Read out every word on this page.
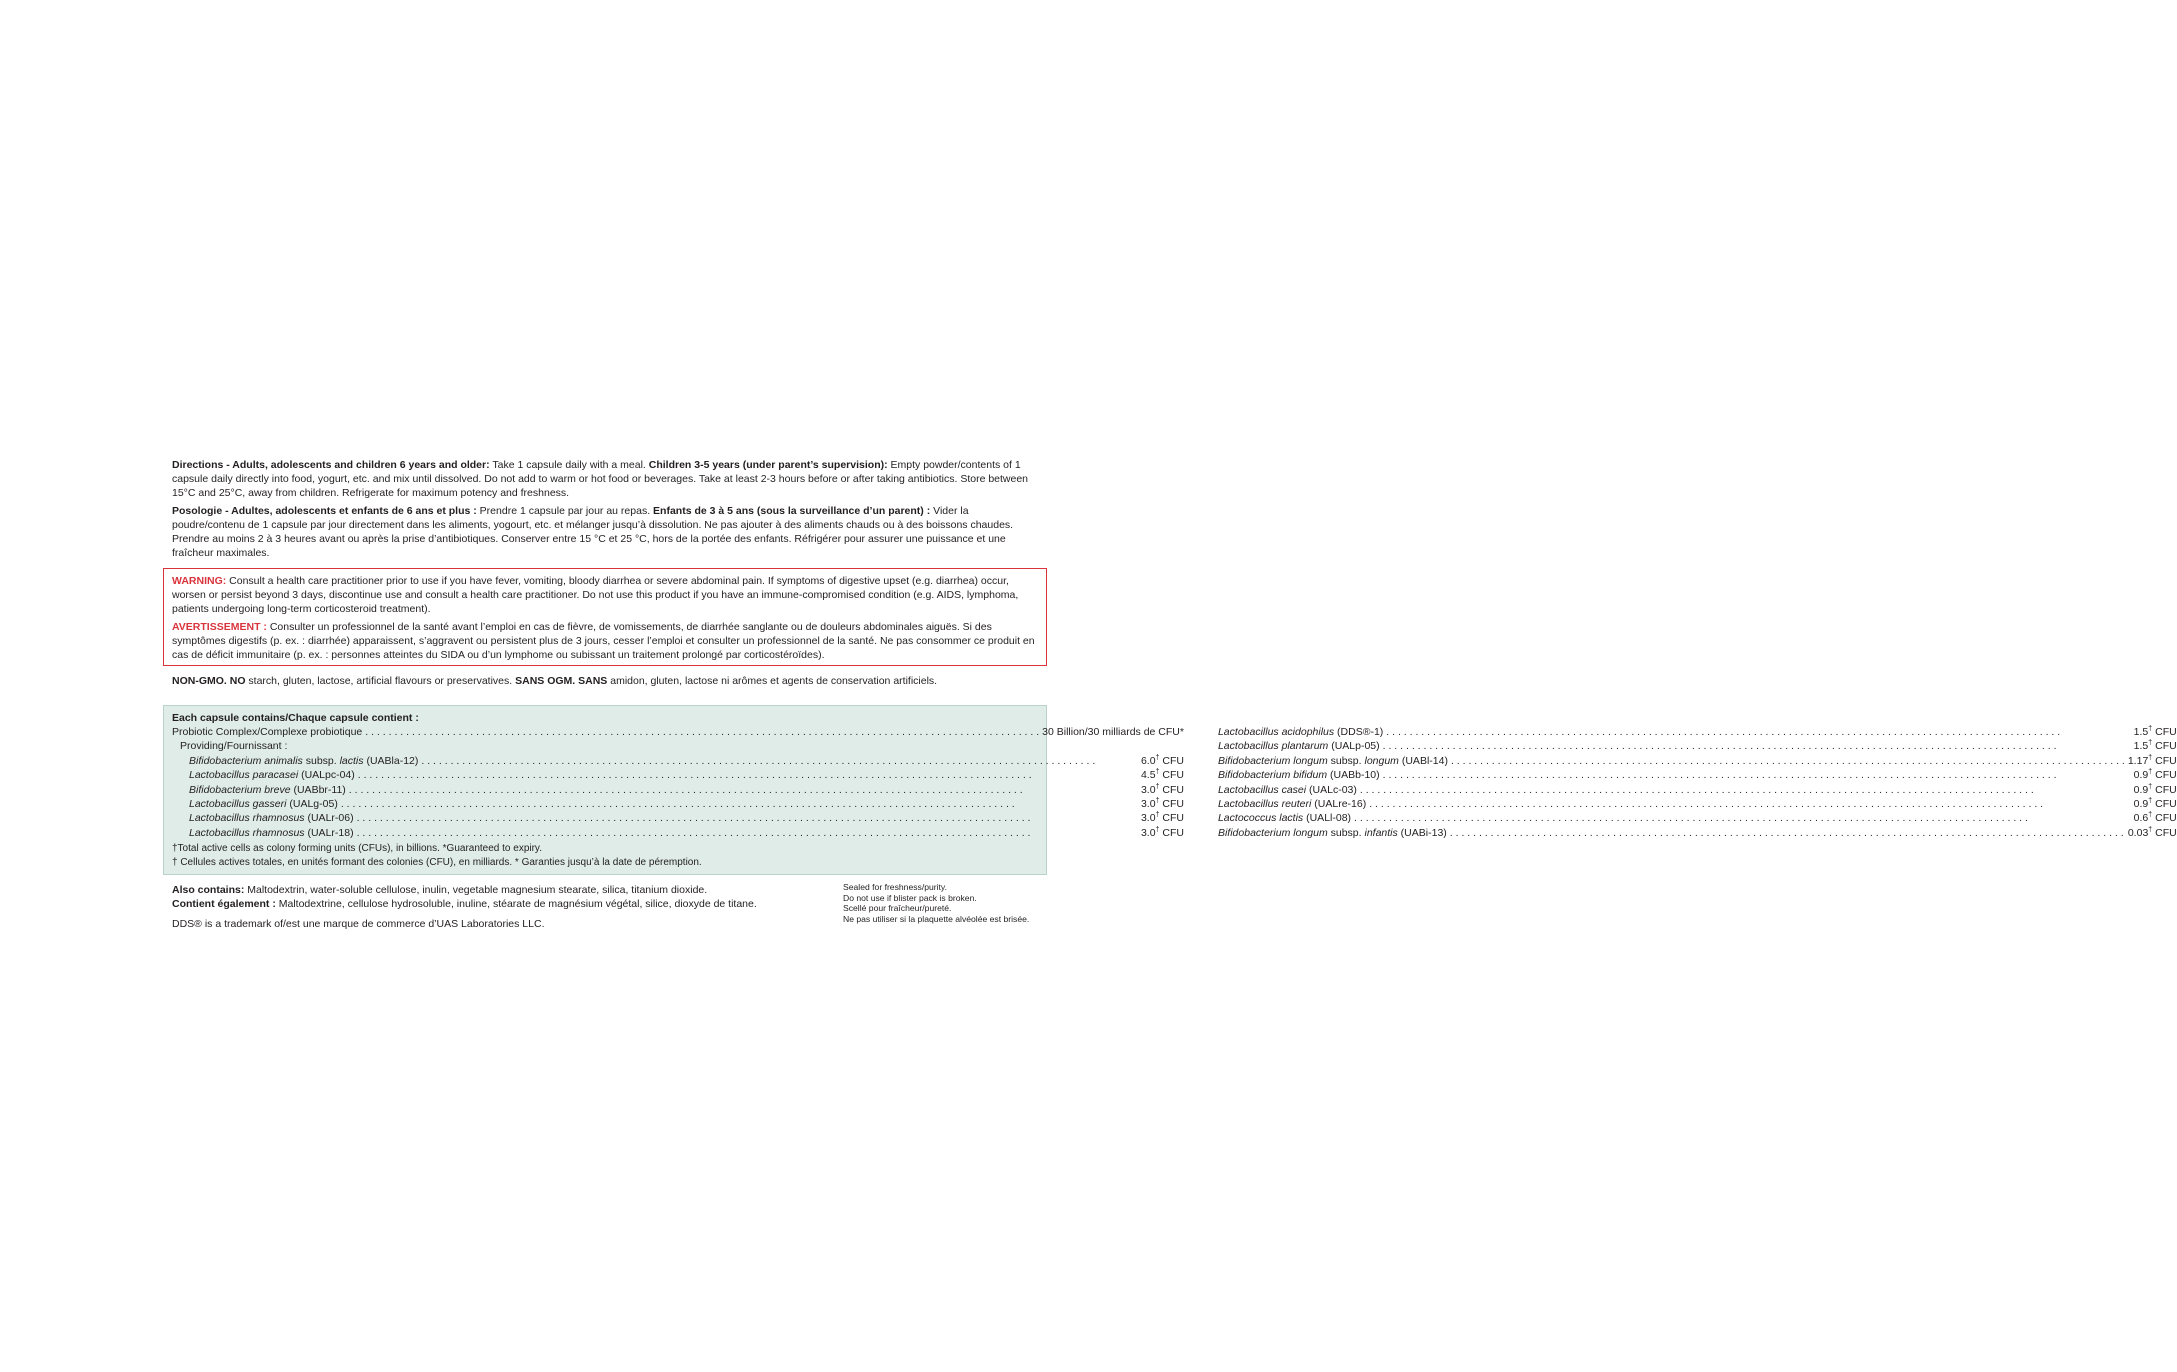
Directions - Adults, adolescents and children 6 years and older: Take 1 capsule daily with a meal. Children 3-5 years (under parent’s supervision): Empty powder/contents of 1 capsule daily directly into food, yogurt, etc. and mix until dissolved. Do not add to warm or hot food or beverages. Take at least 2-3 hours before or after taking antibiotics. Store between 15°C and 25°C, away from children. Refrigerate for maximum potency and freshness.

Posologie - Adultes, adolescents et enfants de 6 ans et plus : Prendre 1 capsule par jour au repas. Enfants de 3 à 5 ans (sous la surveillance d’un parent) : Vider la poudre/contenu de 1 capsule par jour directement dans les aliments, yogourt, etc. et mélanger jusqu’à dissolution. Ne pas ajouter à des aliments chauds ou à des boissons chaudes. Prendre au moins 2 à 3 heures avant ou après la prise d’antibiotiques. Conserver entre 15 °C et 25 °C, hors de la portée des enfants. Réfrigérer pour assurer une puissance et une fraîcheur maximales.

WARNING: Consult a health care practitioner prior to use if you have fever, vomiting, bloody diarrhea or severe abdominal pain. If symptoms of digestive upset (e.g. diarrhea) occur, worsen or persist beyond 3 days, discontinue use and consult a health care practitioner. Do not use this product if you have an immune-compromised condition (e.g. AIDS, lymphoma, patients undergoing long-term corticosteroid treatment).

AVERTISSEMENT : Consulter un professionnel de la santé avant l’emploi en cas de fièvre, de vomissements, de diarrhée sanglante ou de douleurs abdominales aiguës. Si des symptômes digestifs (p. ex. : diarrhée) apparaissent, s’aggravent ou persistent plus de 3 jours, cesser l’emploi et consulter un professionnel de la santé. Ne pas consommer ce produit en cas de déficit immunitaire (p. ex. : personnes atteintes du SIDA ou d’un lymphome ou subissant un traitement prolongé par corticostéroïdes).

NON-GMO. NO starch, gluten, lactose, artificial flavours or preservatives. SANS OGM. SANS amidon, gluten, lactose ni arômes et agents de conservation artificiels.

Each capsule contains/Chaque capsule contient :
Probiotic Complex/Complexe probiotique . . .	30 Billion/30 milliards de CFU*
Providing/Fournissant :
Bifidobacterium animalis subsp. lactis (UABla-12) . . .	6.0† CFU
Lactobacillus paracasei (UALpc-04) . . .	4.5† CFU
Bifidobacterium breve (UABbr-11) . . .	3.0† CFU
Lactobacillus gasseri (UALg-05) . . .	3.0† CFU
Lactobacillus rhamnosus (UALr-06) . . .	3.0† CFU
Lactobacillus rhamnosus (UALr-18) . . .	3.0† CFU
Lactobacillus acidophilus (DDS®-1) . . .	1.5† CFU
Lactobacillus plantarum (UALp-05) . . .	1.5† CFU
Bifidobacterium longum subsp. longum (UABl-14) . . .	1.17† CFU
Bifidobacterium bifidum (UABb-10) . . .	0.9† CFU
Lactobacillus casei (UALc-03) . . .	0.9† CFU
Lactobacillus reuteri (UALre-16) . . .	0.9† CFU
Lactococcus lactis (UALl-08) . . .	0.6† CFU
Bifidobacterium longum subsp. infantis (UABi-13) . . .	0.03† CFU
†Total active cells as colony forming units (CFUs), in billions. *Guaranteed to expiry.
† Cellules actives totales, en unités formant des colonies (CFU), en milliards. * Garanties jusqu’à la date de péremption.

Also contains: Maltodextrin, water-soluble cellulose, inulin, vegetable magnesium stearate, silica, titanium dioxide.

Contient également : Maltodextrine, cellulose hydrosoluble, inuline, stéarate de magnésium végétal, silice, dioxyde de titane.

DDS® is a trademark of/est une marque de commerce d’UAS Laboratories LLC.

Sealed for freshness/purity.
Do not use if blister pack is broken.
Scellé pour fraîcheur/pureté.
Ne pas utiliser si la plaquette alvéolée est brisée.
